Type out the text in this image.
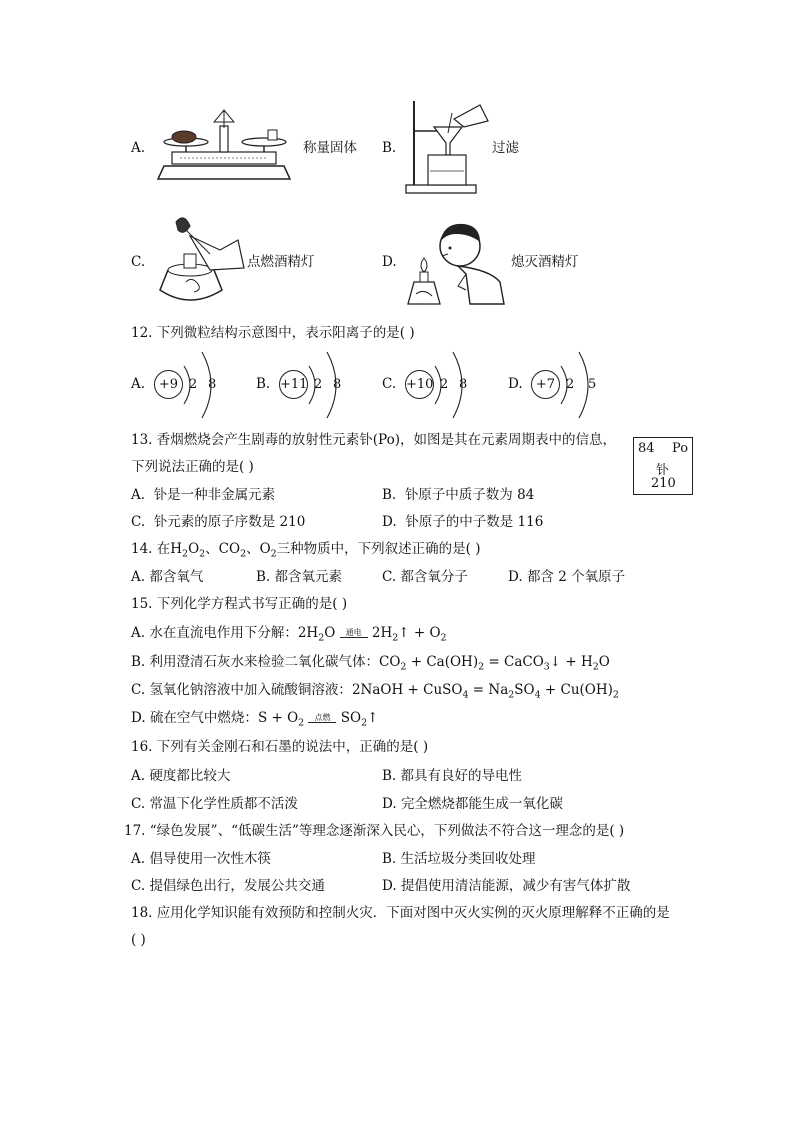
A.	称量固体 B.	过滤
C.	点燃酒精灯	D.	熄灭酒精灯
12. 下列微粒结构示意图中，表示阳离子的是( )
A.	+9 2 8	B. +11 2 8	C. +10 2 8	D.	+7 2 5
13. 香烟燃烧会产生剧毒的放射性元素钋(Po)，如图是其在元素周期表中的信息，
下列说法正确的是( )
84 Po
钋
210
A. 钋是一种非金属元素	B. 钋原子中质子数为 84
C. 钋元素的原子序数是 210	D. 钋原子的中子数是 116
14. 在$H_2O_2$、$CO_2$、$O_2$三种物质中，下列叙述正确的是( )
A. 都含氧气	B. 都含氧元素	C. 都含氧分子	D. 都含 2 个氧原子
15. 下列化学方程式书写正确的是( )
A. 水在直流电作用下分解：$2H_2O$ 通电 $2H_2↑ + O_2$
B. 利用澄清石灰水来检验二氧化碳气体：$CO_2 + Ca(OH)_2$ = CaCO$_3$↓ + $H_2O$
C. 氢氧化钠溶液中加入硫酸铜溶液：2NaOH + CuSO$_4$ = $Na_2SO_4 + Cu(OH)_2$
D. 硫在空气中燃烧：$S + O_2$
点燃 $SO_2↑$
16. 下列有关金刚石和石墨的说法中，正确的是( )
A. 硬度都比较大	B. 都具有良好的导电性
C. 常温下化学性质都不活泼	D. 完全燃烧都能生成一氧化碳
17. “绿色发展”、“低碳生活”等理念逐渐深入民心，下列做法不符合这一理念的是( )
A. 倡导使用一次性木筷	B. 生活垃圾分类回收处理
C. 提倡绿色出行，发展公共交通	D. 提倡使用清洁能源，减少有害气体扩散
18. 应用化学知识能有效预防和控制火灾．下面对图中灭火实例的灭火原理解释不正确的是
( )
